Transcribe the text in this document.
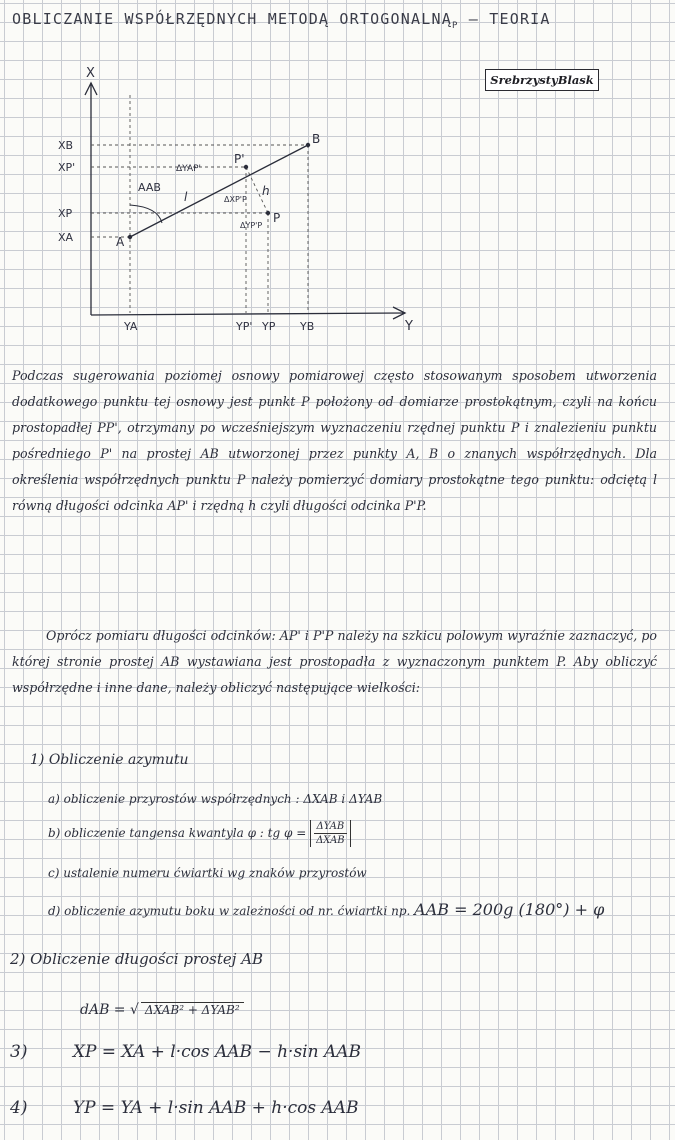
OBLICZANIE WSPÓŁRZĘDNYCH METODĄ $ORTOGONALNĄ_P$ – TEORIA
SrebrzystyBlask
X
Y
A
B
P'
P
ΔYAP'
l	h
AAB
ΔXP'P
ΔYP'P
XB
XP'
XP
XA
YA	YP' YP YB
Podczas sugerowania poziomej osnowy pomiarowej często stosowanym sposobem utworzenia dodatkowego punktu tej osnowy jest punkt P położony od domiarze prostokątnym, czyli na końcu prostopadłej PP', otrzymany po wcześniejszym wyznaczeniu rzędnej punktu P i znalezieniu punktu pośredniego P' na prostej AB utworzonej przez punkty A, B o znanych współrzędnych. Dla określenia współrzędnych punktu P należy pomierzyć domiary prostokątne tego punktu: odciętą l równą długości odcinka AP' i rzędną h czyli długości odcinka P'P.
Oprócz pomiaru długości odcinków: AP' i P'P należy na szkicu polowym wyraźnie zaznaczyć, po której stronie prostej AB wystawiana jest prostopadła z wyznaczonym punktem P. Aby obliczyć współrzędne i inne dane, należy obliczyć następujące wielkości:
1) Obliczenie azymutu
a) obliczenie przyrostów współrzędnych : ΔXAB i ΔYAB
b) obliczenie tangensa kwantyla φ : tg $\varphi = \frac{\text{ΔYAB}}{\text{ΔXAB}}$
c) ustalenie numeru ćwiartki wg znaków przyrostów
d) obliczenie azymutu boku w zależności od nr. ćwiartki np. AAB = 200g (180°) + φ
2) Obliczenie długości prostej AB
dAB = √ ΔXAB² + ΔYAB²
3)	XP = XA + l·cos AAB − h·sin AAB
4)	YP = YA + l·sin AAB + h·cos AAB
